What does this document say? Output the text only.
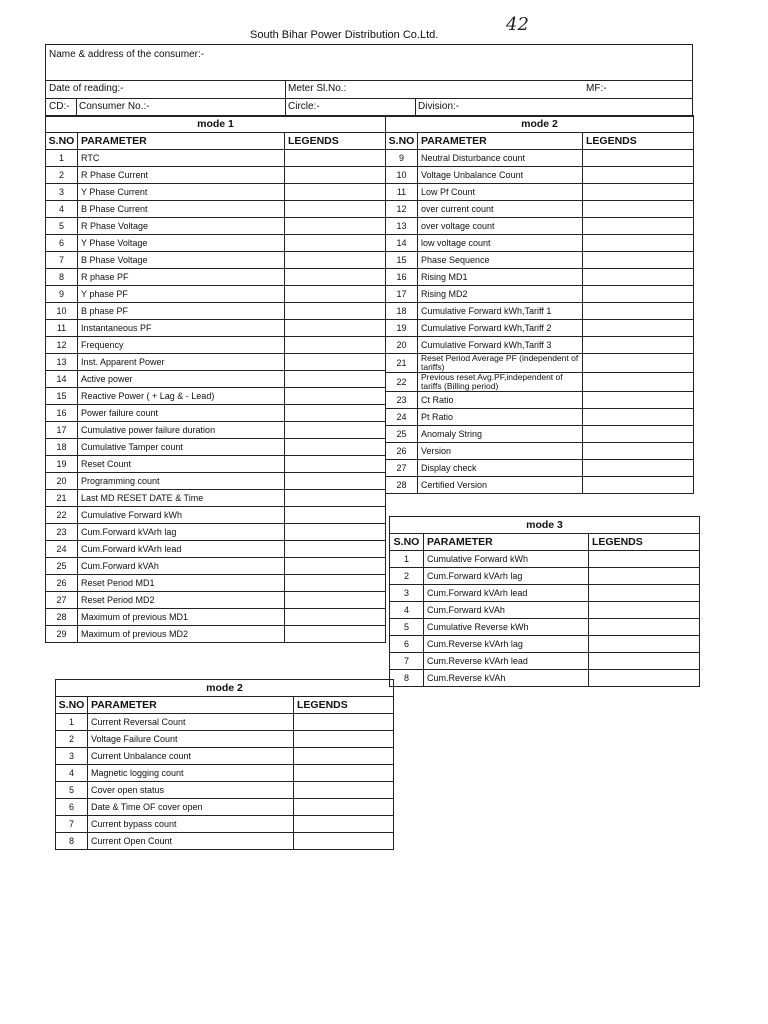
South Bihar Power Distribution Co.Ltd.	42
Name & address of the consumer:-
Date of reading:-	Meter Sl.No.:	MF:-
CD:- Consumer No.:-	Circle:-	Division:-
mode 1		
S.NO	PARAMETER	LEGENDS
1	RTC	
2	R Phase Current	
3	Y Phase Current	
4	B Phase Current	
5	R Phase Voltage	
6	Y Phase Voltage	
7	B Phase Voltage	
8	R phase PF	
9	Y phase PF	
10	B phase PF	
11	Instantaneous PF	
12	Frequency	
13	Inst. Apparent Power	
14	Active power	
15	Reactive Power ( + Lag & - Lead)	
16	Power failure count	
17	Cumulative power failure duration	
18	Cumulative Tamper count	
19	Reset Count	
20	Programming count	
21	Last MD RESET DATE & Time	
22	Cumulative Forward kWh	
23	Cum.Forward kVArh lag	
24	Cum.Forward kVArh lead	
25	Cum.Forward kVAh	
26	Reset Period MD1	
27	Reset Period MD2	
28	Maximum of previous MD1	
29	Maximum of previous MD2	
mode 2		
S.NO	PARAMETER	LEGENDS
9	Neutral Disturbance count	
10	Voltage Unbalance Count	
11	Low Pf Count	
12	over current count	
13	over voltage count	
14	low voltage count	
15	Phase Sequence	
16	Rising MD1	
17	Rising MD2	
18	Cumulative Forward kWh,Tariff 1	
19	Cumulative Forward kWh,Tariff 2	
20	Cumulative Forward kWh,Tariff 3	
21	Reset Period Average PF (independent of tariffs)	
22	Previous reset Avg.PF,independent of tariffs (Billing period)	
23	Ct Ratio	
24	Pt Ratio	
25	Anomaly String	
26	Version	
27	Display check	
28	Certified Version	
mode 3		
S.NO	PARAMETER	LEGENDS
1	Cumulative Forward kWh	
2	Cum.Forward kVArh lag	
3	Cum.Forward kVArh lead	
4	Cum.Forward kVAh	
5	Cumulative Reverse kWh	
6	Cum.Reverse kVArh lag	
7	Cum.Reverse kVArh lead	
8	Cum.Reverse kVAh	
mode 2		
S.NO	PARAMETER	LEGENDS
1	Current Reversal Count	
2	Voltage Failure Count	
3	Current Unbalance count	
4	Magnetic logging count	
5	Cover open status	
6	Date & Time OF cover open	
7	Current bypass count	
8	Current Open Count	
